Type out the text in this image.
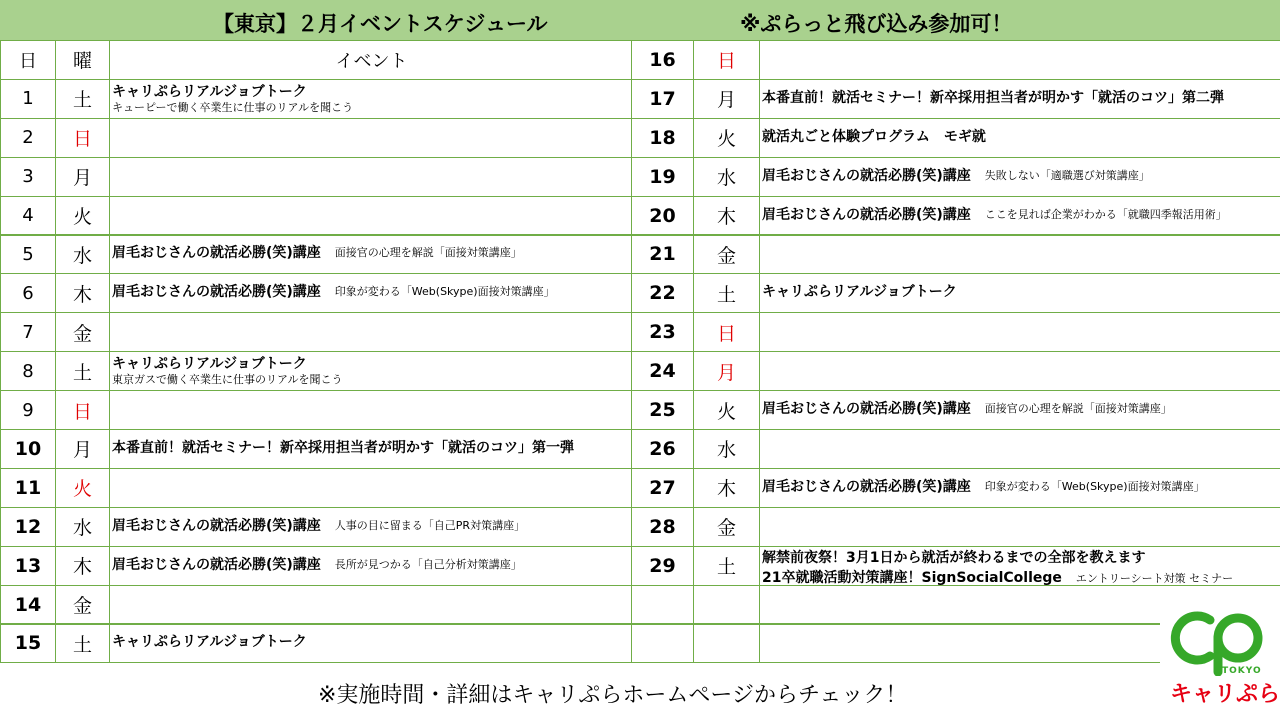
【東京】２月イベントスケジュール	※ぷらっと飛び込み参加可！
日 曜	イベント
1 土 キャリぷらリアルジョブトーク
キューピーで働く卒業生に仕事のリアルを聞こう
2 日
3 月
4 火
5 水 眉毛おじさんの就活必勝(笑)講座 面接官の心理を解説「面接対策講座」
6 木 眉毛おじさんの就活必勝(笑)講座 印象が変わる「Web(Skype)面接対策講座」
7 金
8 土 キャリぷらリアルジョブトーク
東京ガスで働く卒業生に仕事のリアルを聞こう
9 日
10 月 本番直前！就活セミナー！新卒採用担当者が明かす「就活のコツ」第一弾
11 火
12 水 眉毛おじさんの就活必勝(笑)講座 人事の目に留まる「自己PR対策講座」
13 木 眉毛おじさんの就活必勝(笑)講座 長所が見つかる「自己分析対策講座」
14 金
15 土 キャリぷらリアルジョブトーク
16 日
17 月 本番直前！就活セミナー！新卒採用担当者が明かす「就活のコツ」第二弾
18 火 就活丸ごと体験プログラム　モギ就
19 水 眉毛おじさんの就活必勝(笑)講座 失敗しない「適職選び対策講座」
20 木 眉毛おじさんの就活必勝(笑)講座 ここを見れば企業がわかる「就職四季報活用術」
21 金
22 土 キャリぷらリアルジョブトーク
23 日
24 月
25 火 眉毛おじさんの就活必勝(笑)講座 面接官の心理を解説「面接対策講座」
26 水
27 木 眉毛おじさんの就活必勝(笑)講座 印象が変わる「Web(Skype)面接対策講座」
28 金
29 土 解禁前夜祭！3月1日から就活が終わるまでの全部を教えます
21卒就職活動対策講座！SignSocialCollege エントリーシート対策 セミナー
※実施時間・詳細はキャリぷらホームページからチェック！
TOKYO
キャリぷら
